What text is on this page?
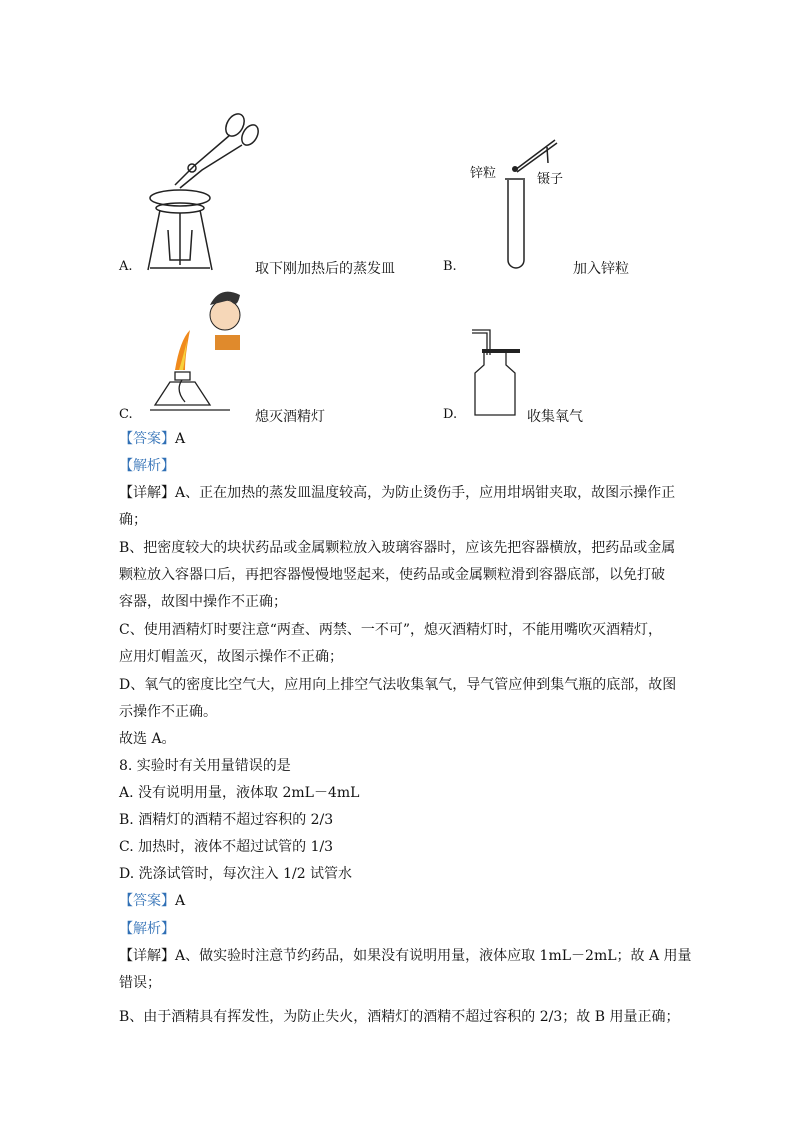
A.	取下刚加热后的蒸发皿
锌粒	镊子
B.	加入锌粒
C.	熄灭酒精灯	D.	收集氧气
【答案】A
【解析】
【详解】A、正在加热的蒸发皿温度较高，为防止烫伤手，应用坩埚钳夹取，故图示操作正
确；
B、把密度较大的块状药品或金属颗粒放入玻璃容器时，应该先把容器横放，把药品或金属
颗粒放入容器口后，再把容器慢慢地竖起来，使药品或金属颗粒滑到容器底部，以免打破
容器，故图中操作不正确；
C、使用酒精灯时要注意“两查、两禁、一不可”，熄灭酒精灯时，不能用嘴吹灭酒精灯，
应用灯帽盖灭，故图示操作不正确；
D、氧气的密度比空气大，应用向上排空气法收集氧气，导气管应伸到集气瓶的底部，故图
示操作不正确。
故选 A。
8. 实验时有关用量错误的是
A. 没有说明用量，液体取 2mL－4mL
B. 酒精灯的酒精不超过容积的 2/3
C. 加热时，液体不超过试管的 1/3
D. 洗涤试管时，每次注入 1/2 试管水
【答案】A
【解析】
【详解】A、做实验时注意节约药品，如果没有说明用量，液体应取 1mL－2mL；故 A 用量
错误；
B、由于酒精具有挥发性，为防止失火，酒精灯的酒精不超过容积的 2/3；故 B 用量正确；
